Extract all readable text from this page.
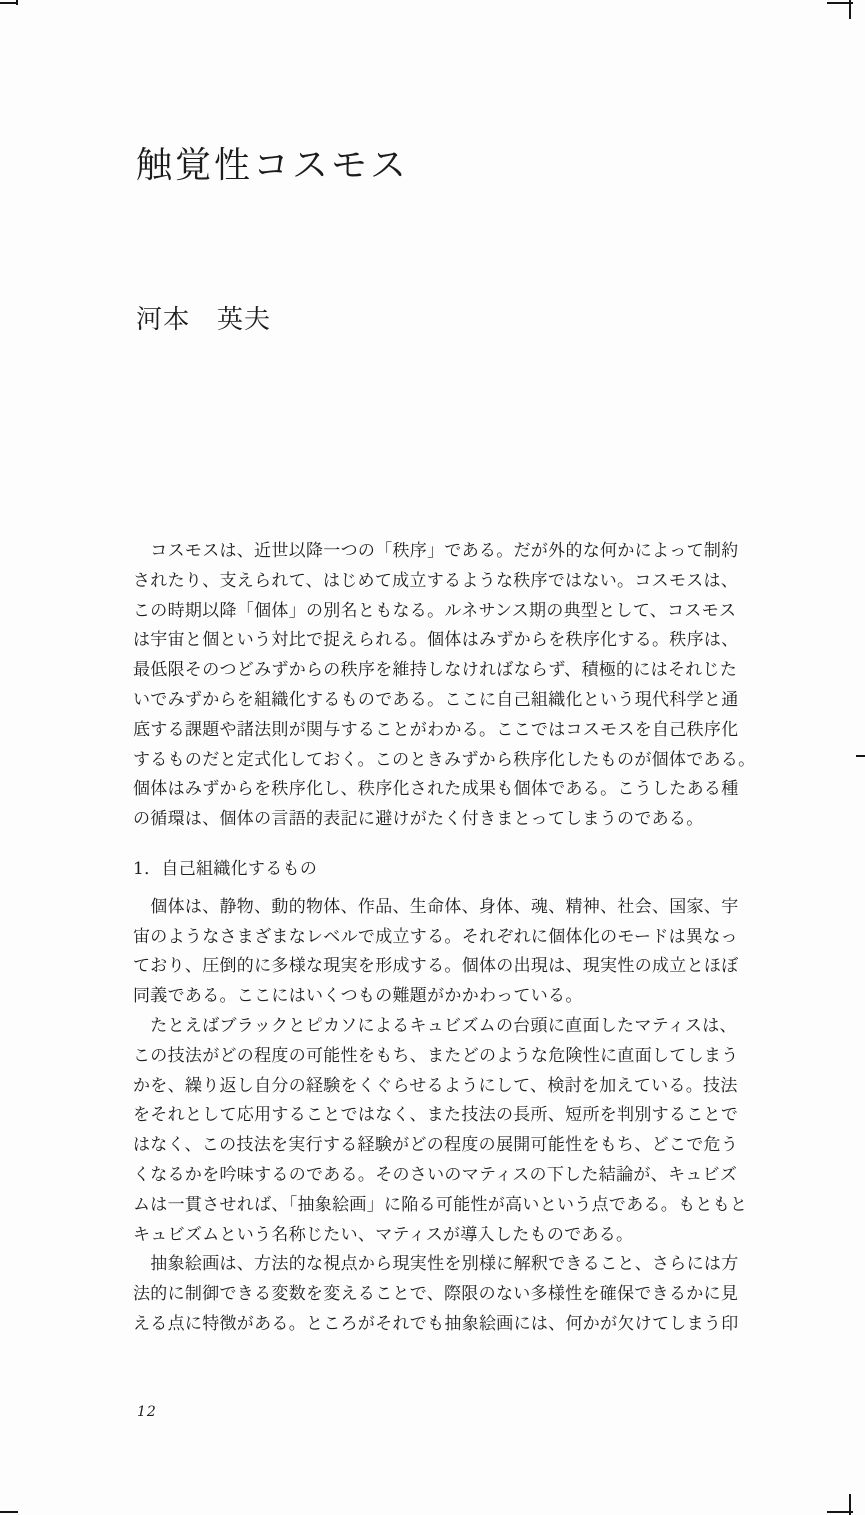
触覚性コスモス
河本　英夫
　コスモスは、近世以降一つの「秩序」である。だが外的な何かによって制約
されたり、支えられて、はじめて成立するような秩序ではない。コスモスは、
この時期以降「個体」の別名ともなる。ルネサンス期の典型として、コスモス
は宇宙と個という対比で捉えられる。個体はみずからを秩序化する。秩序は、
最低限そのつどみずからの秩序を維持しなければならず、積極的にはそれじた
いでみずからを組織化するものである。ここに自己組織化という現代科学と通
底する課題や諸法則が関与することがわかる。ここではコスモスを自己秩序化
するものだと定式化しておく。このときみずから秩序化したものが個体である。
個体はみずからを秩序化し、秩序化された成果も個体である。こうしたある種
の循環は、個体の言語的表記に避けがたく付きまとってしまうのである。
1．自己組織化するもの
　個体は、静物、動的物体、作品、生命体、身体、魂、精神、社会、国家、宇
宙のようなさまざまなレベルで成立する。それぞれに個体化のモードは異なっ
ており、圧倒的に多様な現実を形成する。個体の出現は、現実性の成立とほぼ
同義である。ここにはいくつもの難題がかかわっている。
　たとえばブラックとピカソによるキュビズムの台頭に直面したマティスは、
この技法がどの程度の可能性をもち、またどのような危険性に直面してしまう
かを、繰り返し自分の経験をくぐらせるようにして、検討を加えている。技法
をそれとして応用することではなく、また技法の長所、短所を判別することで
はなく、この技法を実行する経験がどの程度の展開可能性をもち、どこで危う
くなるかを吟味するのである。そのさいのマティスの下した結論が、キュビズ
ムは一貫させれば、「抽象絵画」に陥る可能性が高いという点である。もともと
キュビズムという名称じたい、マティスが導入したものである。
　抽象絵画は、方法的な視点から現実性を別様に解釈できること、さらには方
法的に制御できる変数を変えることで、際限のない多様性を確保できるかに見
える点に特徴がある。ところがそれでも抽象絵画には、何かが欠けてしまう印
12
